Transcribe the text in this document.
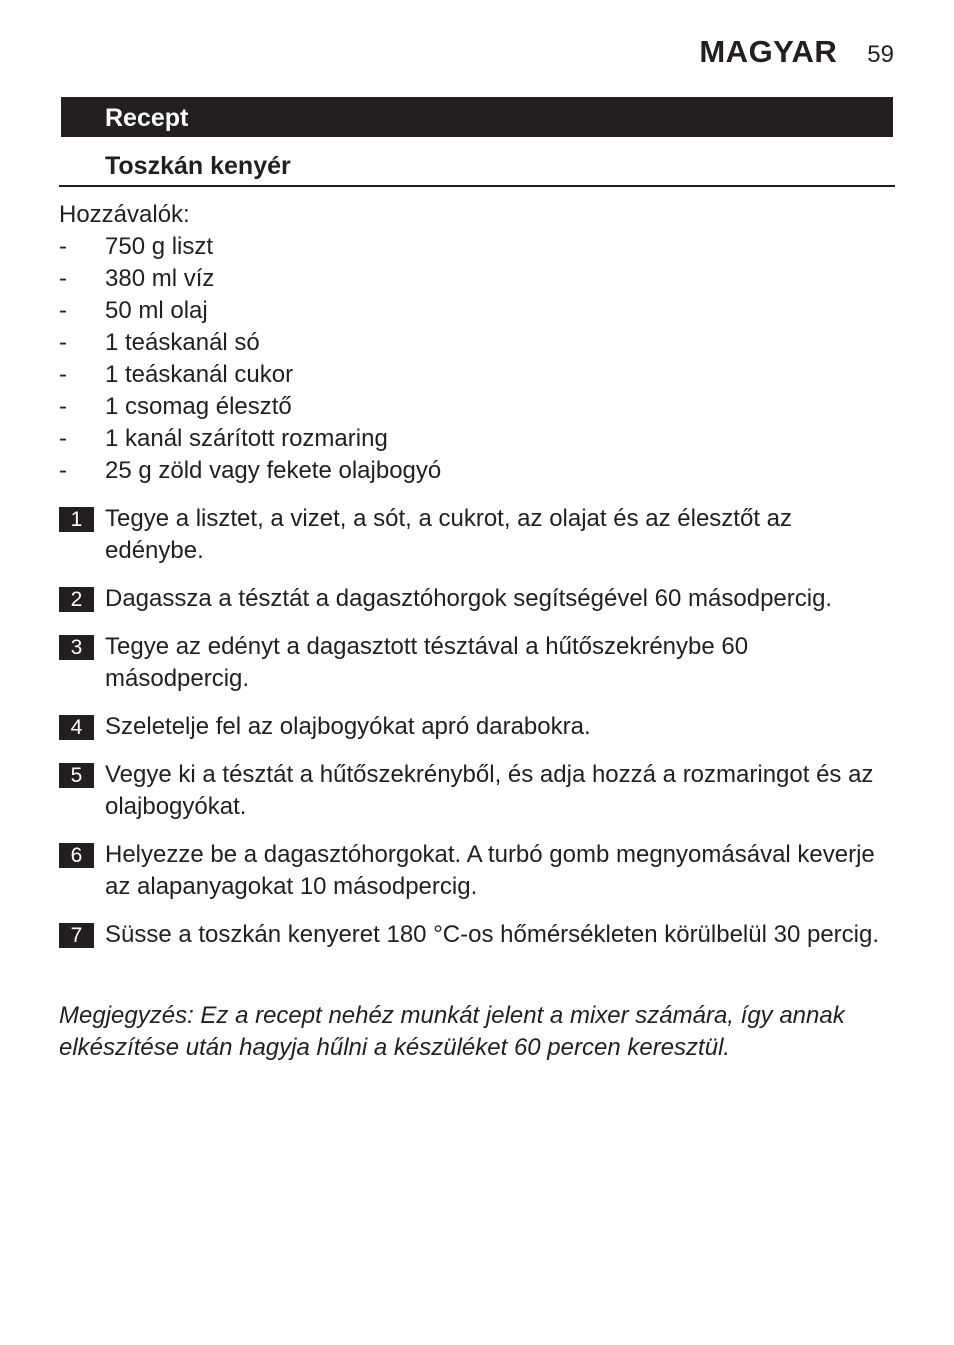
MAGYAR 59
Recept
Toszkán kenyér

Hozzávalók:

- 750 g liszt
- 380 ml víz
- 50 ml olaj
- 1 teáskanál só
- 1 teáskanál cukor
- 1 csomag élesztő
- 1 kanál szárított rozmaring
- 25 g zöld vagy fekete olajbogyó
1 Tegye a lisztet, a vizet, a sót, a cukrot, az olajat és az élesztőt az edénybe.
2 Dagassza a tésztát a dagasztóhorgok segítségével 60 másodpercig.
3 Tegye az edényt a dagasztott tésztával a hűtőszekrénybe 60 másodpercig.
4 Szeletelje fel az olajbogyókat apró darabokra.
5 Vegye ki a tésztát a hűtőszekrényből, és adja hozzá a rozmaringot és az olajbogyókat.
6 Helyezze be a dagasztóhorgokat. A turbó gomb megnyomásával keverje az alapanyagokat 10 másodpercig.
7 Süsse a toszkán kenyeret 180 °C-os hőmérsékleten körülbelül 30 percig.
Megjegyzés: Ez a recept nehéz munkát jelent a mixer számára, így annak elkészítése után hagyja hűlni a készüléket 60 percen keresztül.
